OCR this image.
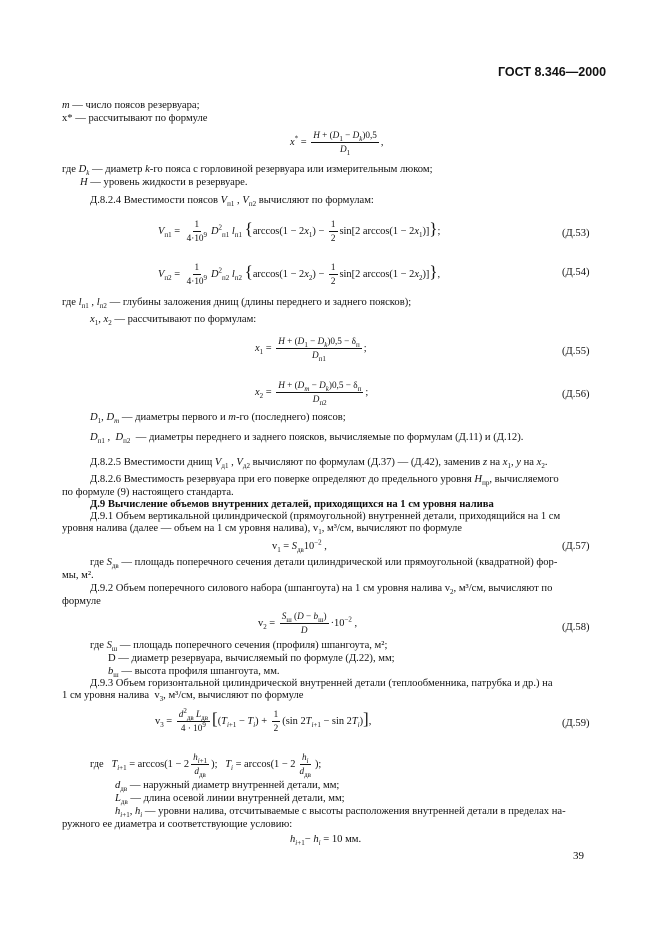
ГОСТ 8.346—2000
m — число поясов резервуара;
x* — рассчитывают по формуле
$x^* = \frac{H + (D_1 - D_k)0,5}{D_1}$ ,
где $D_k$ — диаметр k-го пояса с горловиной резервуара или измерительным люком;
H — уровень жидкости в резервуаре.
Д.8.2.4 Вместимости поясов $V_{п1}$ , $V_{п2}$ вычисляют по формулам:
$V_{п1} = \frac{1}{4\cdot 10^9} D^2_{п1}$ $l_{п1}$ {$\arccos(1 - 2x_1) - \frac{1}{2} \sin[2$ $\arccos(1 - 2x_1)$]};	(Д.53)
$V_{п2} = \frac{1}{4\cdot 10^9} D^2_{п2}$ $l_{п2}$ {$\arccos(1 - 2x_2) - \frac{1}{2} \sin[2$ $\arccos(1 - 2x_2)$]},	(Д.54)
где $l_{п1}$ , $l_{п2}$ — глубины заложения днищ (длины переднего и заднего поясков);
$x_1$, $x_2$ — рассчитывают по формулам:
$x_1 = \frac{H + (D_1 - D_k)0,5 - \delta_п}{D_{п1}}$ ;	(Д.55)
$x_2 = \frac{H + (D_m - D_k)0,5 - \delta_п}{D_{п2}}$ ;	(Д.56)
$D_1$, $D_m$ — диаметры первого и m-го (последнего) поясов;
$D_{п1}$ ,  $D_{п2}$  — диаметры переднего и заднего поясков, вычисляемые по формулам (Д.11) и (Д.12).
Д.8.2.5 Вместимости днищ $V_{д1}$ , $V_{д2}$ вычисляют по формулам (Д.37) — (Д.42), заменив z на $x_1$, y на $x_2$.
Д.8.2.6 Вместимость резервуара при его поверке определяют до предельного уровня $H_{пр}$, вычисляемого
по формуле (9) настоящего стандарта.
Д.9 Вычисление объемов внутренних деталей, приходящихся на 1 см уровня налива
Д.9.1 Объем вертикальной цилиндрической (прямоугольной) внутренней детали, приходящийся на 1 см
уровня налива (далее — объем на 1 см уровня налива), $v_1$, м³/см, вычисляют по формуле
$v_1 = S_{дв}10^{-2}$ ,	(Д.57)
где $S_{дв}$ — площадь поперечного сечения детали цилиндрической или прямоугольной (квадратной) фор-
мы, м².
Д.9.2 Объем поперечного силового набора (шпангоута) на 1 см уровня налива $v_2$, м³/см, вычисляют по
формуле
$v_2 = \frac{S_ш (D - b_ш)}{D} \cdot 10^{-2}$ ,	(Д.58)
где $S_ш$ — площадь поперечного сечения (профиля) шпангоута, м²;
D — диаметр резервуара, вычисляемый по формуле (Д.22), мм;
$b_ш$ — высота профиля шпангоута, мм.
Д.9.3 Объем горизонтальной цилиндрической внутренней детали (теплообменника, патрубка и др.) на
1 см уровня налива  $v_3$, м³/см, вычисляют по формуле
$v_3 = \frac{d^2_{дв} L_{дв}}{4 \cdot 10^9} [(T_{i+1} - T_i) + \frac{1}{2} (\sin$ $2T_{i+1} - \sin 2T_i$)],	(Д.59)
где   $T_{i+1} = \arccos(1 - 2 \frac{h_{i+1}}{d_{дв}}$ );   $T_i = \arccos(1 - 2 \frac{h_i}{d_{дв}}$ );
$d_{дв}$ — наружный диаметр внутренней детали, мм;
$L_{дв}$ — длина осевой линии внутренней детали, мм;
$h_{i+1}$, $h_i$ — уровни налива, отсчитываемые с высоты расположения внутренней детали в пределах на-
ружного ее диаметра и соответствующие условию:
$h_{i+1}- h_i = 10$ мм.
39
